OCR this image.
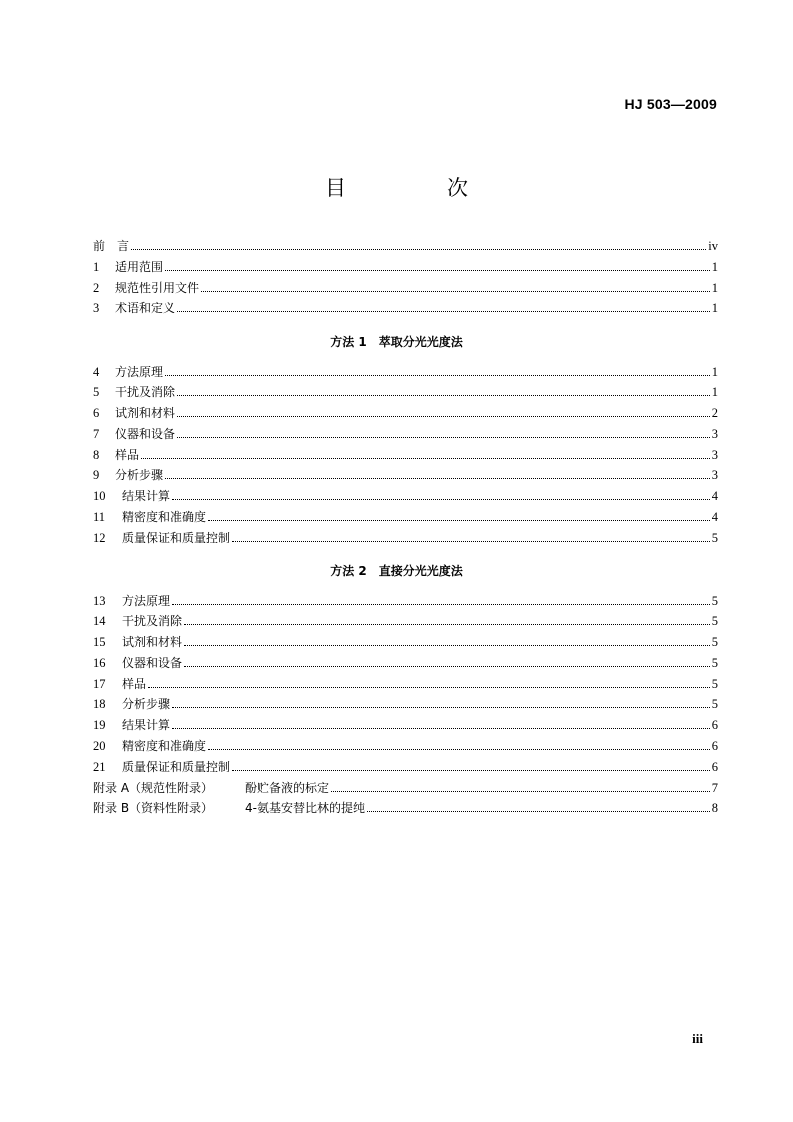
HJ 503—2009
目　次
前　言	iv
1	适用范围	1
2	规范性引用文件	1
3	术语和定义	1
方法 1　萃取分光光度法
4	方法原理	1
5	干扰及消除	1
6	试剂和材料	2
7	仪器和设备	3
8	样品	3
9	分析步骤	3
10	结果计算	4
11	精密度和准确度	4
12	质量保证和质量控制	5
方法 2　直接分光光度法
13	方法原理	5
14	干扰及消除	5
15	试剂和材料	5
16	仪器和设备	5
17	样品	5
18	分析步骤	5
19	结果计算	6
20	精密度和准确度	6
21	质量保证和质量控制	6
附录 A（规范性附录）	酚贮备液的标定	7
附录 B（资料性附录）	4-氨基安替比林的提纯	8
iii
